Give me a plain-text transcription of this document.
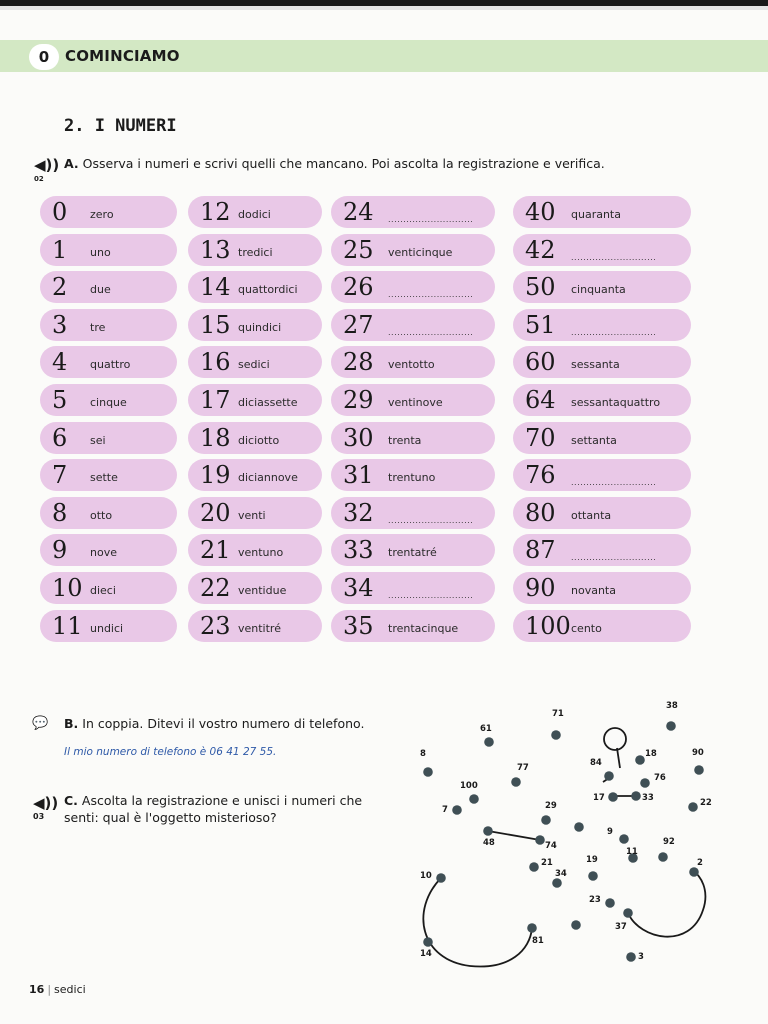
0	COMINCIAMO
2. I NUMERI
◀))
02
A. Osserva i numeri e scrivi quelli che mancano. Poi ascolta la registrazione e verifica.
0 zero
1 uno
2 due
3 tre
4 quattro
5 cinque
6 sei
7 sette
8 otto
9 nove
10 dieci
11 undici
12 dodici
13 tredici
14 quattordici
15 quindici
16 sedici
17 diciassette
18 diciotto
19 diciannove
20 venti
21 ventuno
22 ventidue
23 ventitré
24 ............................
25 venticinque
26 ............................
27 ............................
28 ventotto
29 ventinove
30 trenta
31 trentuno
32 ............................
33 trentatré
34 ............................
35 trentacinque
40 quaranta
42 ............................
50 cinquanta
51 ............................
60 sessanta
64 sessantaquattro
70 settanta
76 ............................
80 ottanta
87 ............................
90 novanta
100 cento
💬 B. In coppia. Ditevi il vostro numero di telefono.
Il mio numero di telefono è 06 41 27 55.
◀))
03
C. Ascolta la registrazione e unisci i numeri che
senti: qual è l'oggetto misterioso?
71
38
61
8	90
84
18
77
76
100
17	33	22
7	29
9
48	74
11
92
21	19
34
10
2
23
37
81
14	3
16 | sedici
